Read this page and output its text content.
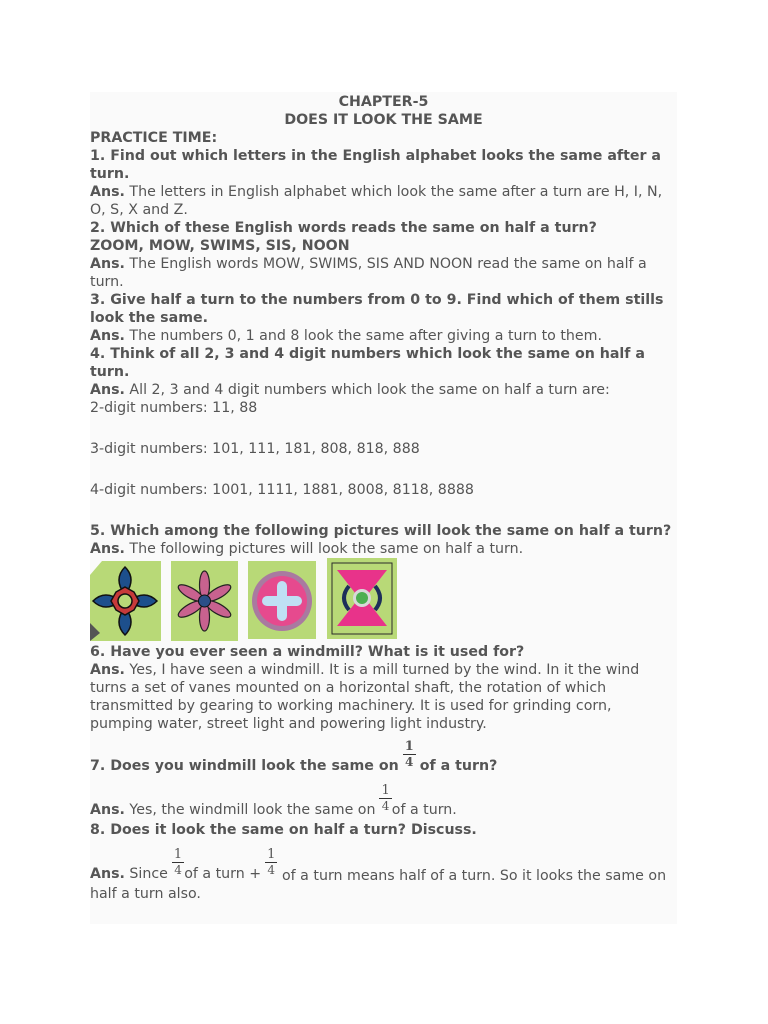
CHAPTER-5
DOES IT LOOK THE SAME
PRACTICE TIME:
1. Find out which letters in the English alphabet looks the same after a turn.
Ans. The letters in English alphabet which look the same after a turn are H, I, N, O, S, X and Z.
2. Which of these English words reads the same on half a turn?
ZOOM, MOW, SWIMS, SIS, NOON
Ans. The English words MOW, SWIMS, SIS AND NOON read the same on half a turn.
3. Give half a turn to the numbers from 0 to 9. Find which of them stills look the same.
Ans. The numbers 0, 1 and 8 look the same after giving a turn to them.
4. Think of all 2, 3 and 4 digit numbers which look the same on half a turn.
Ans. All 2, 3 and 4 digit numbers which look the same on half a turn are:
2-digit numbers: 11, 88
3-digit numbers: 101, 111, 181, 808, 818, 888
4-digit numbers: 1001, 1111, 1881, 8008, 8118, 8888
5. Which among the following pictures will look the same on half a turn?
Ans. The following pictures will look the same on half a turn.
6. Have you ever seen a windmill? What is it used for?
Ans. Yes, I have seen a windmill. It is a mill turned by the wind. In it the wind turns a set of vanes mounted on a horizontal shaft, the rotation of which transmitted by gearing to working machinery. It is used for grinding corn, pumping water, street light and powering light industry.
7. Does you windmill look the same on $\frac{1}{4}$ of a turn?
Ans. Yes, the windmill look the same on $\frac{1}{4}$ of a turn.
8. Does it look the same on half a turn? Discuss.
Ans. Since $\frac{1}{4}$ of a turn + $\frac{1}{4}$ of a turn means half of a turn. So it looks the same on half a turn also.
